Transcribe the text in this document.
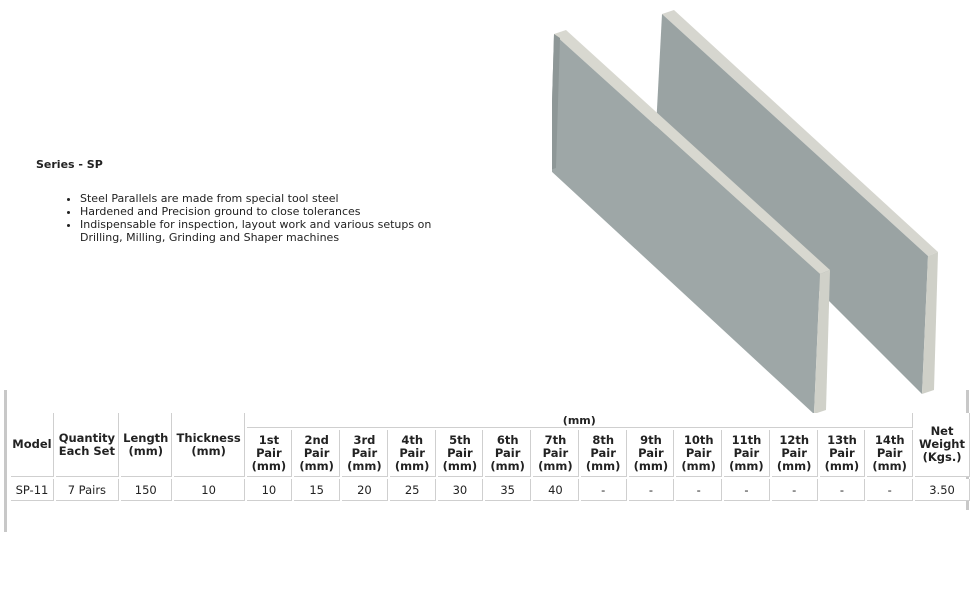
Series - SP
• Steel Parallels are made from special tool steel
• Hardened and Precision ground to close tolerances
• Indispensable for inspection, layout work and various setups on Drilling, Milling, Grinding and Shaper machines
Model	Quantity Each Set	Length (mm)	Thickness (mm)	(mm)														Net Weight (Kgs.)
				1st Pair (mm)	2nd Pair (mm)	3rd Pair (mm)	4th Pair (mm)	5th Pair (mm)	6th Pair (mm)	7th Pair (mm)	8th Pair (mm)	9th Pair (mm)	10th Pair (mm)	11th Pair (mm)	12th Pair (mm)	13th Pair (mm)	14th Pair (mm)	
SP-11	7 Pairs	150	10	10	15	20	25	30	35	40	-	-	-	-	-	-	-	3.50
